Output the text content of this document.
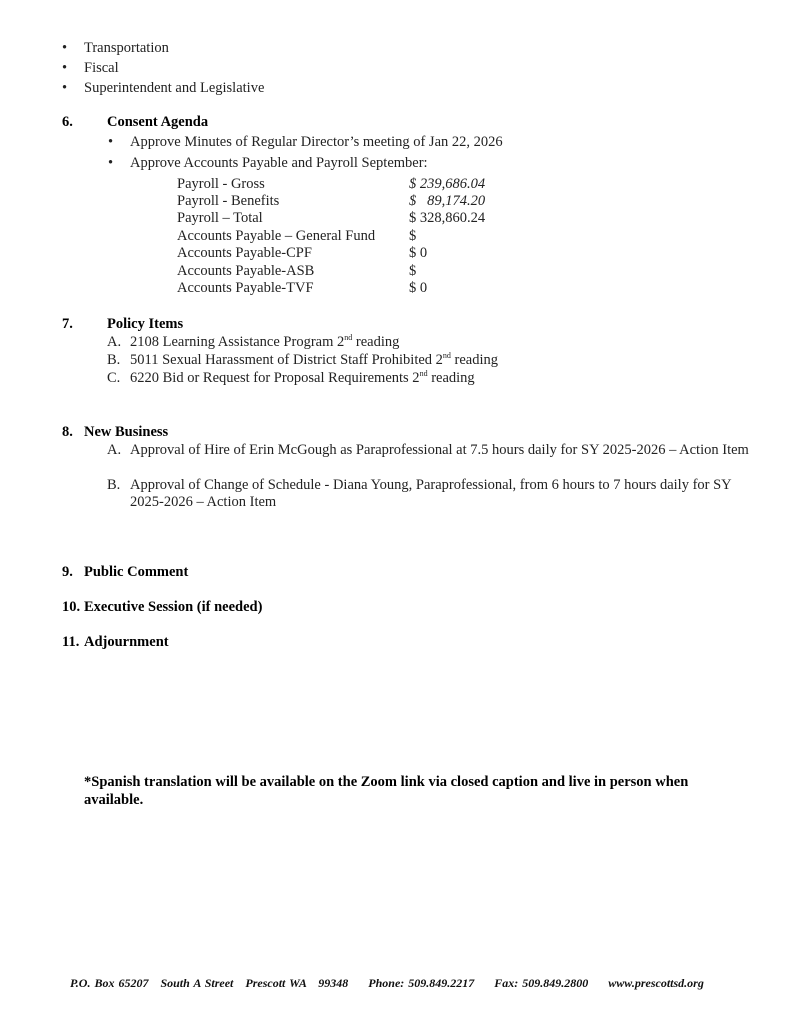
• Transportation
• Fiscal
• Superintendent and Legislative
6. Consent Agenda
• Approve Minutes of Regular Director’s meeting of Jan 22, 2026
• Approve Accounts Payable and Payroll September:
Payroll - Gross	$ 239,686.04
Payroll - Benefits	$   89,174.20
Payroll – Total	$ 328,860.24
Accounts Payable – General Fund $
Accounts Payable-CPF	$ 0
Accounts Payable-ASB	$
Accounts Payable-TVF	$ 0
7. Policy Items
A. 2108 Learning Assistance Program 2nd reading
B. 5011 Sexual Harassment of District Staff Prohibited 2nd reading
C. 6220 Bid or Request for Proposal Requirements 2nd reading
8. New Business
A. Approval of Hire of Erin McGough as Paraprofessional at 7.5 hours daily for SY 2025-2026 – Action Item
B. Approval of Change of Schedule - Diana Young, Paraprofessional, from 6 hours to 7 hours daily for SY 2025-2026 – Action Item
9. Public Comment
10. Executive Session (if needed)
11. Adjournment
*Spanish translation will be available on the Zoom link via closed caption and live in person when available.
P.O. Box 65207   South A Street   Prescott WA   99348     Phone: 509.849.2217     Fax: 509.849.2800     www.prescottsd.org
